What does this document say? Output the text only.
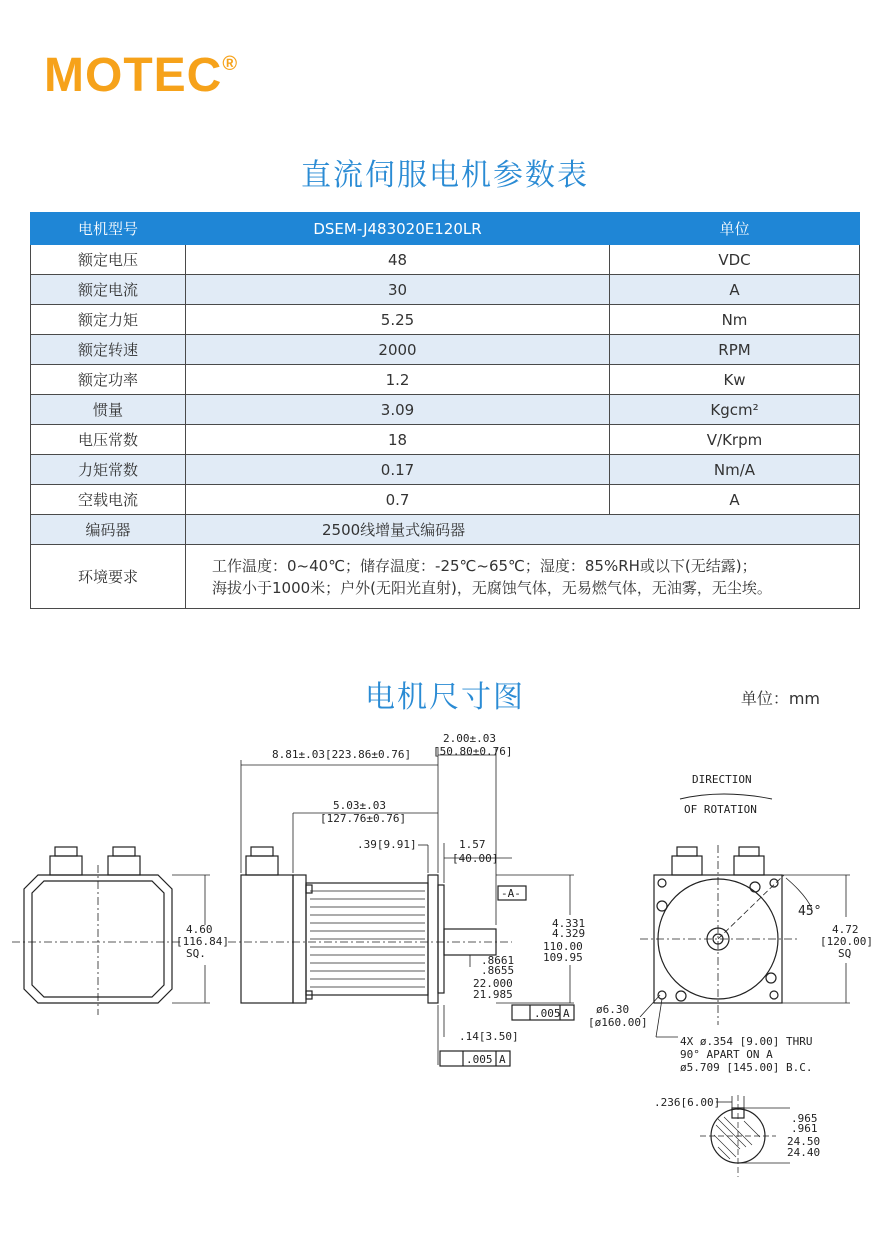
MOTEC®
直流伺服电机参数表
电机型号	DSEM-J483020E120LR	单位
额定电压	48	VDC
额定电流	30	A
额定力矩	5.25	Nm
额定转速	2000	RPM
额定功率	1.2	Kw
惯量	3.09	Kgcm²
电压常数	18	V/Krpm
力矩常数	0.17	Nm/A
空载电流	0.7	A
编码器	2500线增量式编码器	
环境要求	工作温度：0~40℃；储存温度：-25℃~65℃；湿度：85%RH或以下(无结露)；
海拔小于1000米；户外(无阳光直射)，无腐蚀气体，无易燃气体，无油雾，无尘埃。	
电机尺寸图	单位：mm
8.81±.03[223.86±0.76]
2.00±.03
[50.80±0.76]
5.03±.03
[127.76±0.76]
.39[9.91]	1.57
[40.00]
-A-
4.331
4.329
110.00
109.95
.8661
.8655
22.000
21.985
.005 A
.14[3.50]
.005 A
4.60
[116.84]
SQ.
DIRECTION
OF ROTATION
45°
4.72
[120.00]
SQ
ø6.30
[ø160.00]
4X ø.354 [9.00] THRU
90° APART ON A
ø5.709 [145.00] B.C.
.236[6.00]
.965
.961
24.50
24.40
